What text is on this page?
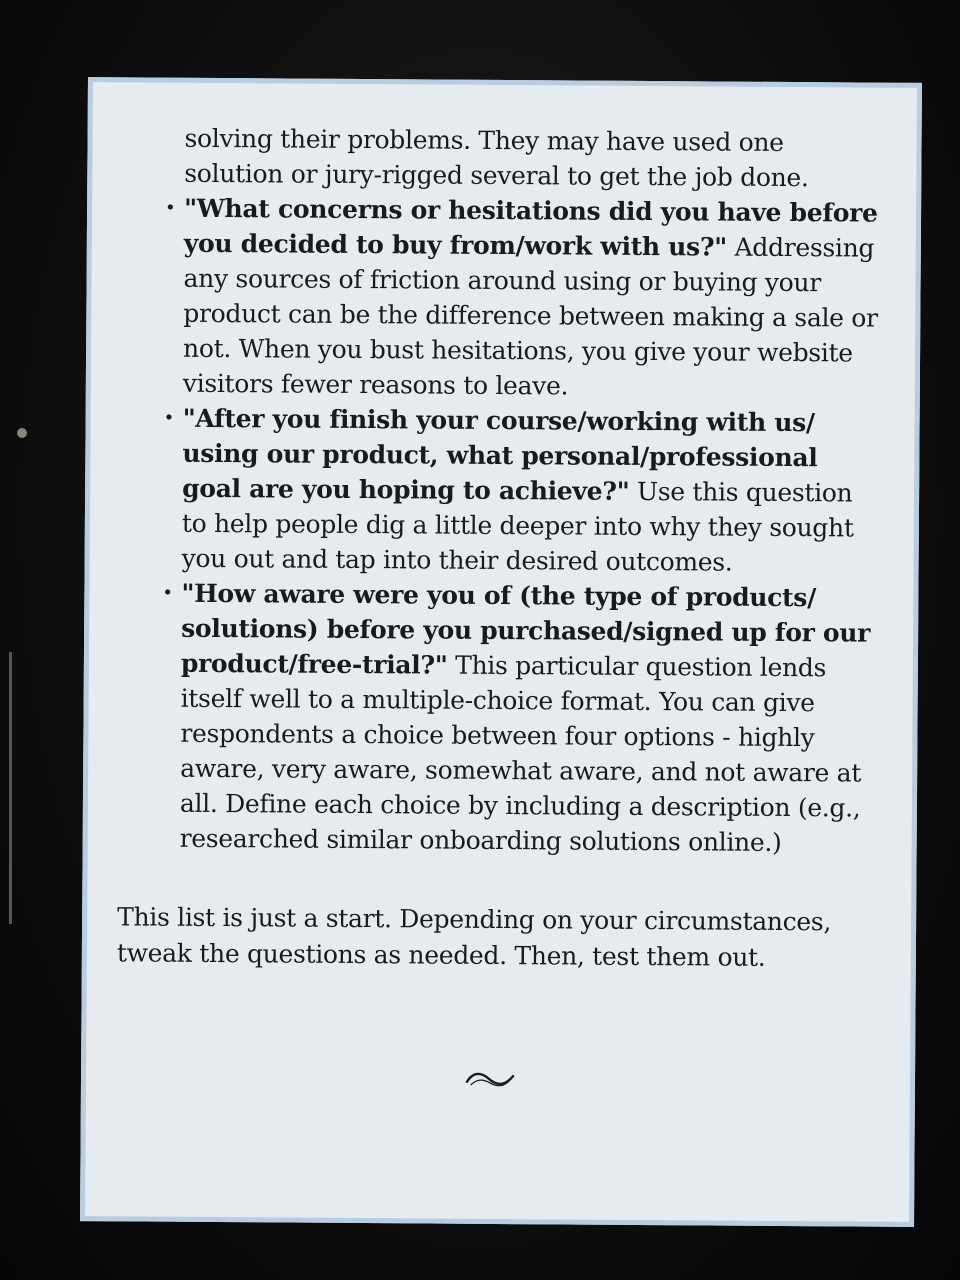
solving their problems. They may have used one solution or jury-rigged several to get the job done.

• "What concerns or hesitations did you have before you decided to buy from/work with us?" Addressing any sources of friction around using or buying your product can be the difference between making a sale or not. When you bust hesitations, you give your website visitors fewer reasons to leave.
• "After you finish your course/working with us/ using our product, what personal/professional goal are you hoping to achieve?" Use this question to help people dig a little deeper into why they sought you out and tap into their desired outcomes.
• "How aware were you of (the type of products/ solutions) before you purchased/signed up for our product/free-trial?" This particular question lends itself well to a multiple-choice format. You can give respondents a choice between four options - highly aware, very aware, somewhat aware, and not aware at all. Define each choice by including a description (e.g., researched similar onboarding solutions online.)

This list is just a start. Depending on your circumstances, tweak the questions as needed. Then, test them out.
